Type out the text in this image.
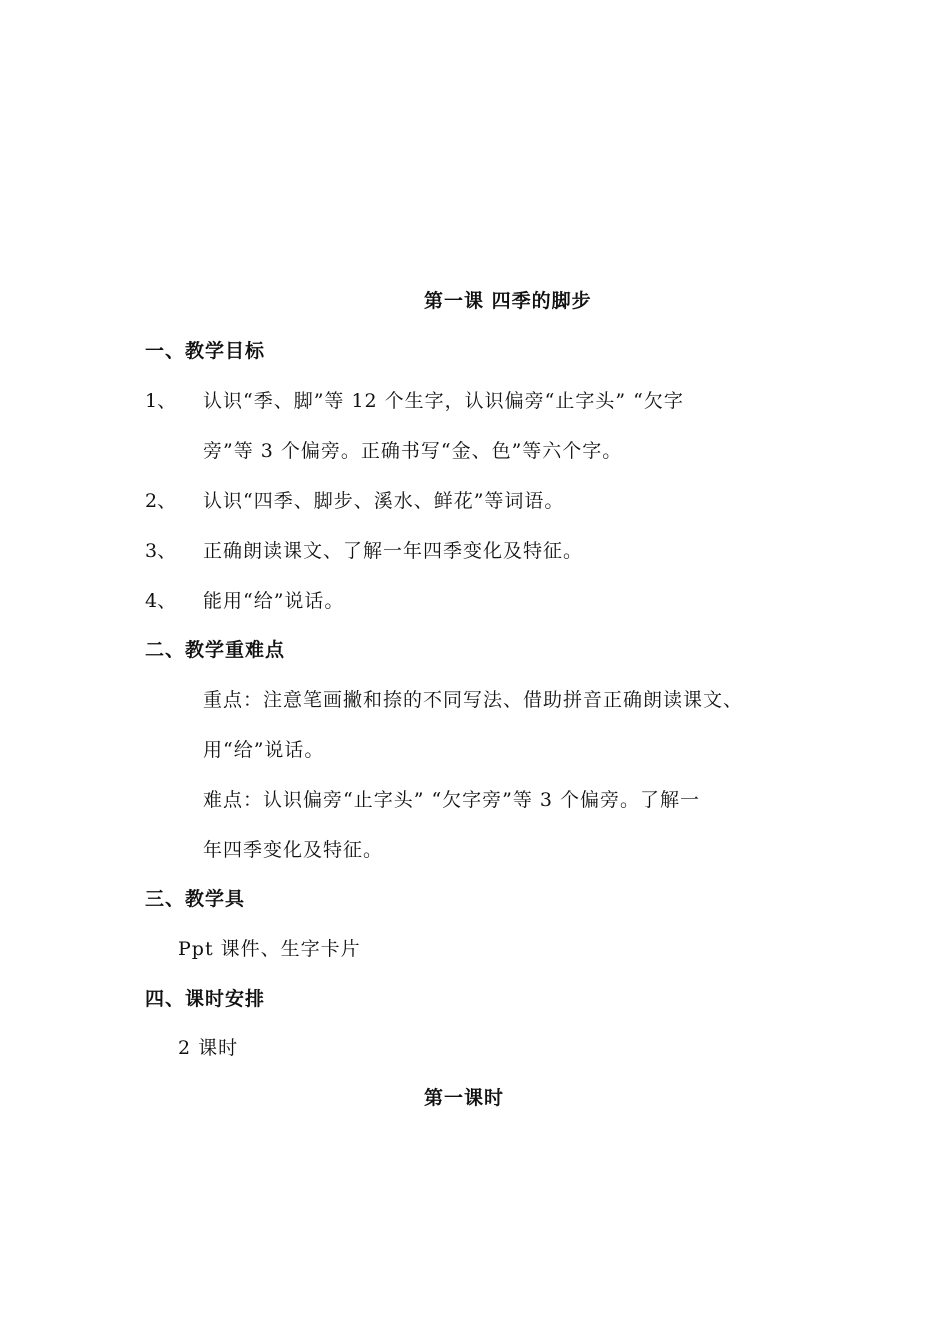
第一课 四季的脚步
一、教学目标
1、 认识“季、脚”等 12 个生字，认识偏旁“止字头” “欠字
旁”等 3 个偏旁。正确书写“金、色”等六个字。
2、 认识“四季、脚步、溪水、鲜花”等词语。
3、 正确朗读课文、了解一年四季变化及特征。
4、 能用“给”说话。
二、教学重难点
重点：注意笔画撇和捺的不同写法、借助拼音正确朗读课文、
用“给”说话。
难点：认识偏旁“止字头” “欠字旁”等 3 个偏旁。了解一
年四季变化及特征。
三、教学具
Ppt 课件、生字卡片
四、课时安排
2 课时
第一课时
